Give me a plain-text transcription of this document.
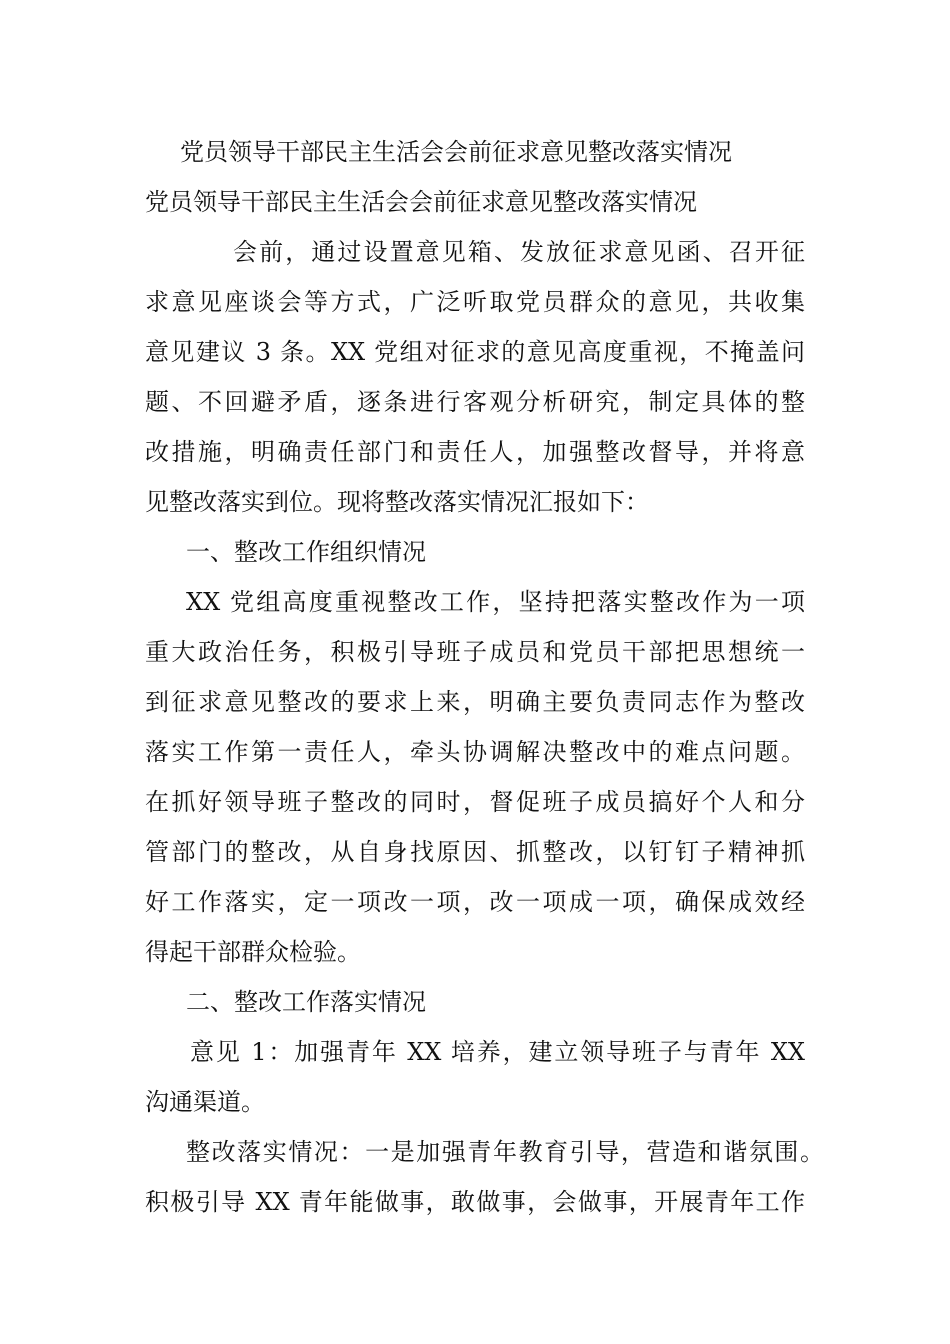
党员领导干部民主生活会会前征求意见整改落实情况
党员领导干部民主生活会会前征求意见整改落实情况
会前，通过设置意见箱、发放征求意见函、召开征
求意见座谈会等方式，广泛听取党员群众的意见，共收集
意见建议 3 条。XX 党组对征求的意见高度重视，不掩盖问
题、不回避矛盾，逐条进行客观分析研究，制定具体的整
改措施，明确责任部门和责任人，加强整改督导，并将意
见整改落实到位。现将整改落实情况汇报如下：
一、整改工作组织情况
XX 党组高度重视整改工作，坚持把落实整改作为一项
重大政治任务，积极引导班子成员和党员干部把思想统一
到征求意见整改的要求上来，明确主要负责同志作为整改
落实工作第一责任人，牵头协调解决整改中的难点问题。
在抓好领导班子整改的同时，督促班子成员搞好个人和分
管部门的整改，从自身找原因、抓整改，以钉钉子精神抓
好工作落实，定一项改一项，改一项成一项，确保成效经
得起干部群众检验。
二、整改工作落实情况
意见 1：加强青年 XX 培养，建立领导班子与青年 XX
沟通渠道。
整改落实情况：一是加强青年教育引导，营造和谐氛围。
积极引导 XX 青年能做事，敢做事，会做事，开展青年工作
